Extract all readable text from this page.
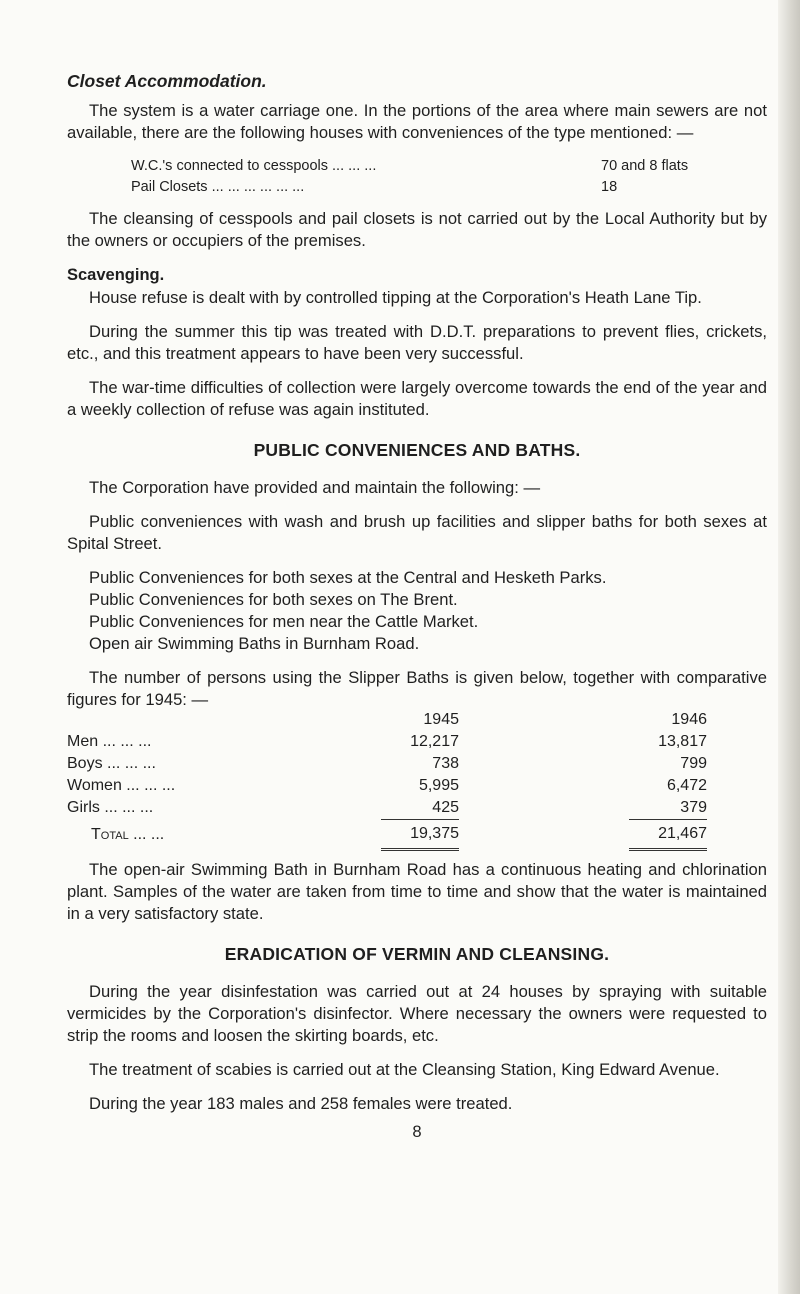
Closet Accommodation.

The system is a water carriage one. In the portions of the area where main sewers are not available, there are the following houses with conveniences of the type mentioned: —

W.C.'s connected to cesspools ... ... ...	70 and 8 flats
Pail Closets ... ... ... ... ... ...	18

The cleansing of cesspools and pail closets is not carried out by the Local Authority but by the owners or occupiers of the premises.

Scavenging.

House refuse is dealt with by controlled tipping at the Corporation's Heath Lane Tip.

During the summer this tip was treated with D.D.T. preparations to prevent flies, crickets, etc., and this treatment appears to have been very successful.

The war-time difficulties of collection were largely overcome towards the end of the year and a weekly collection of refuse was again instituted.

PUBLIC CONVENIENCES AND BATHS.

The Corporation have provided and maintain the following: —

Public conveniences with wash and brush up facilities and slipper baths for both sexes at Spital Street.

Public Conveniences for both sexes at the Central and Hesketh Parks.
Public Conveniences for both sexes on The Brent.
Public Conveniences for men near the Cattle Market.
Open air Swimming Baths in Burnham Road.

The number of persons using the Slipper Baths is given below, together with comparative figures for 1945: —

	1945		1946
Men ... ... ...	12,217		13,817
Boys ... ... ...	738		799
Women ... ... ...	5,995		6,472
Girls ... ... ...	425		379
Total ... ...	19,375		21,467

The open-air Swimming Bath in Burnham Road has a continuous heating and chlorination plant. Samples of the water are taken from time to time and show that the water is maintained in a very satisfactory state.

ERADICATION OF VERMIN AND CLEANSING.

During the year disinfestation was carried out at 24 houses by spraying with suitable vermicides by the Corporation's disinfector. Where necessary the owners were requested to strip the rooms and loosen the skirting boards, etc.

The treatment of scabies is carried out at the Cleansing Station, King Edward Avenue.

During the year 183 males and 258 females were treated.

8
